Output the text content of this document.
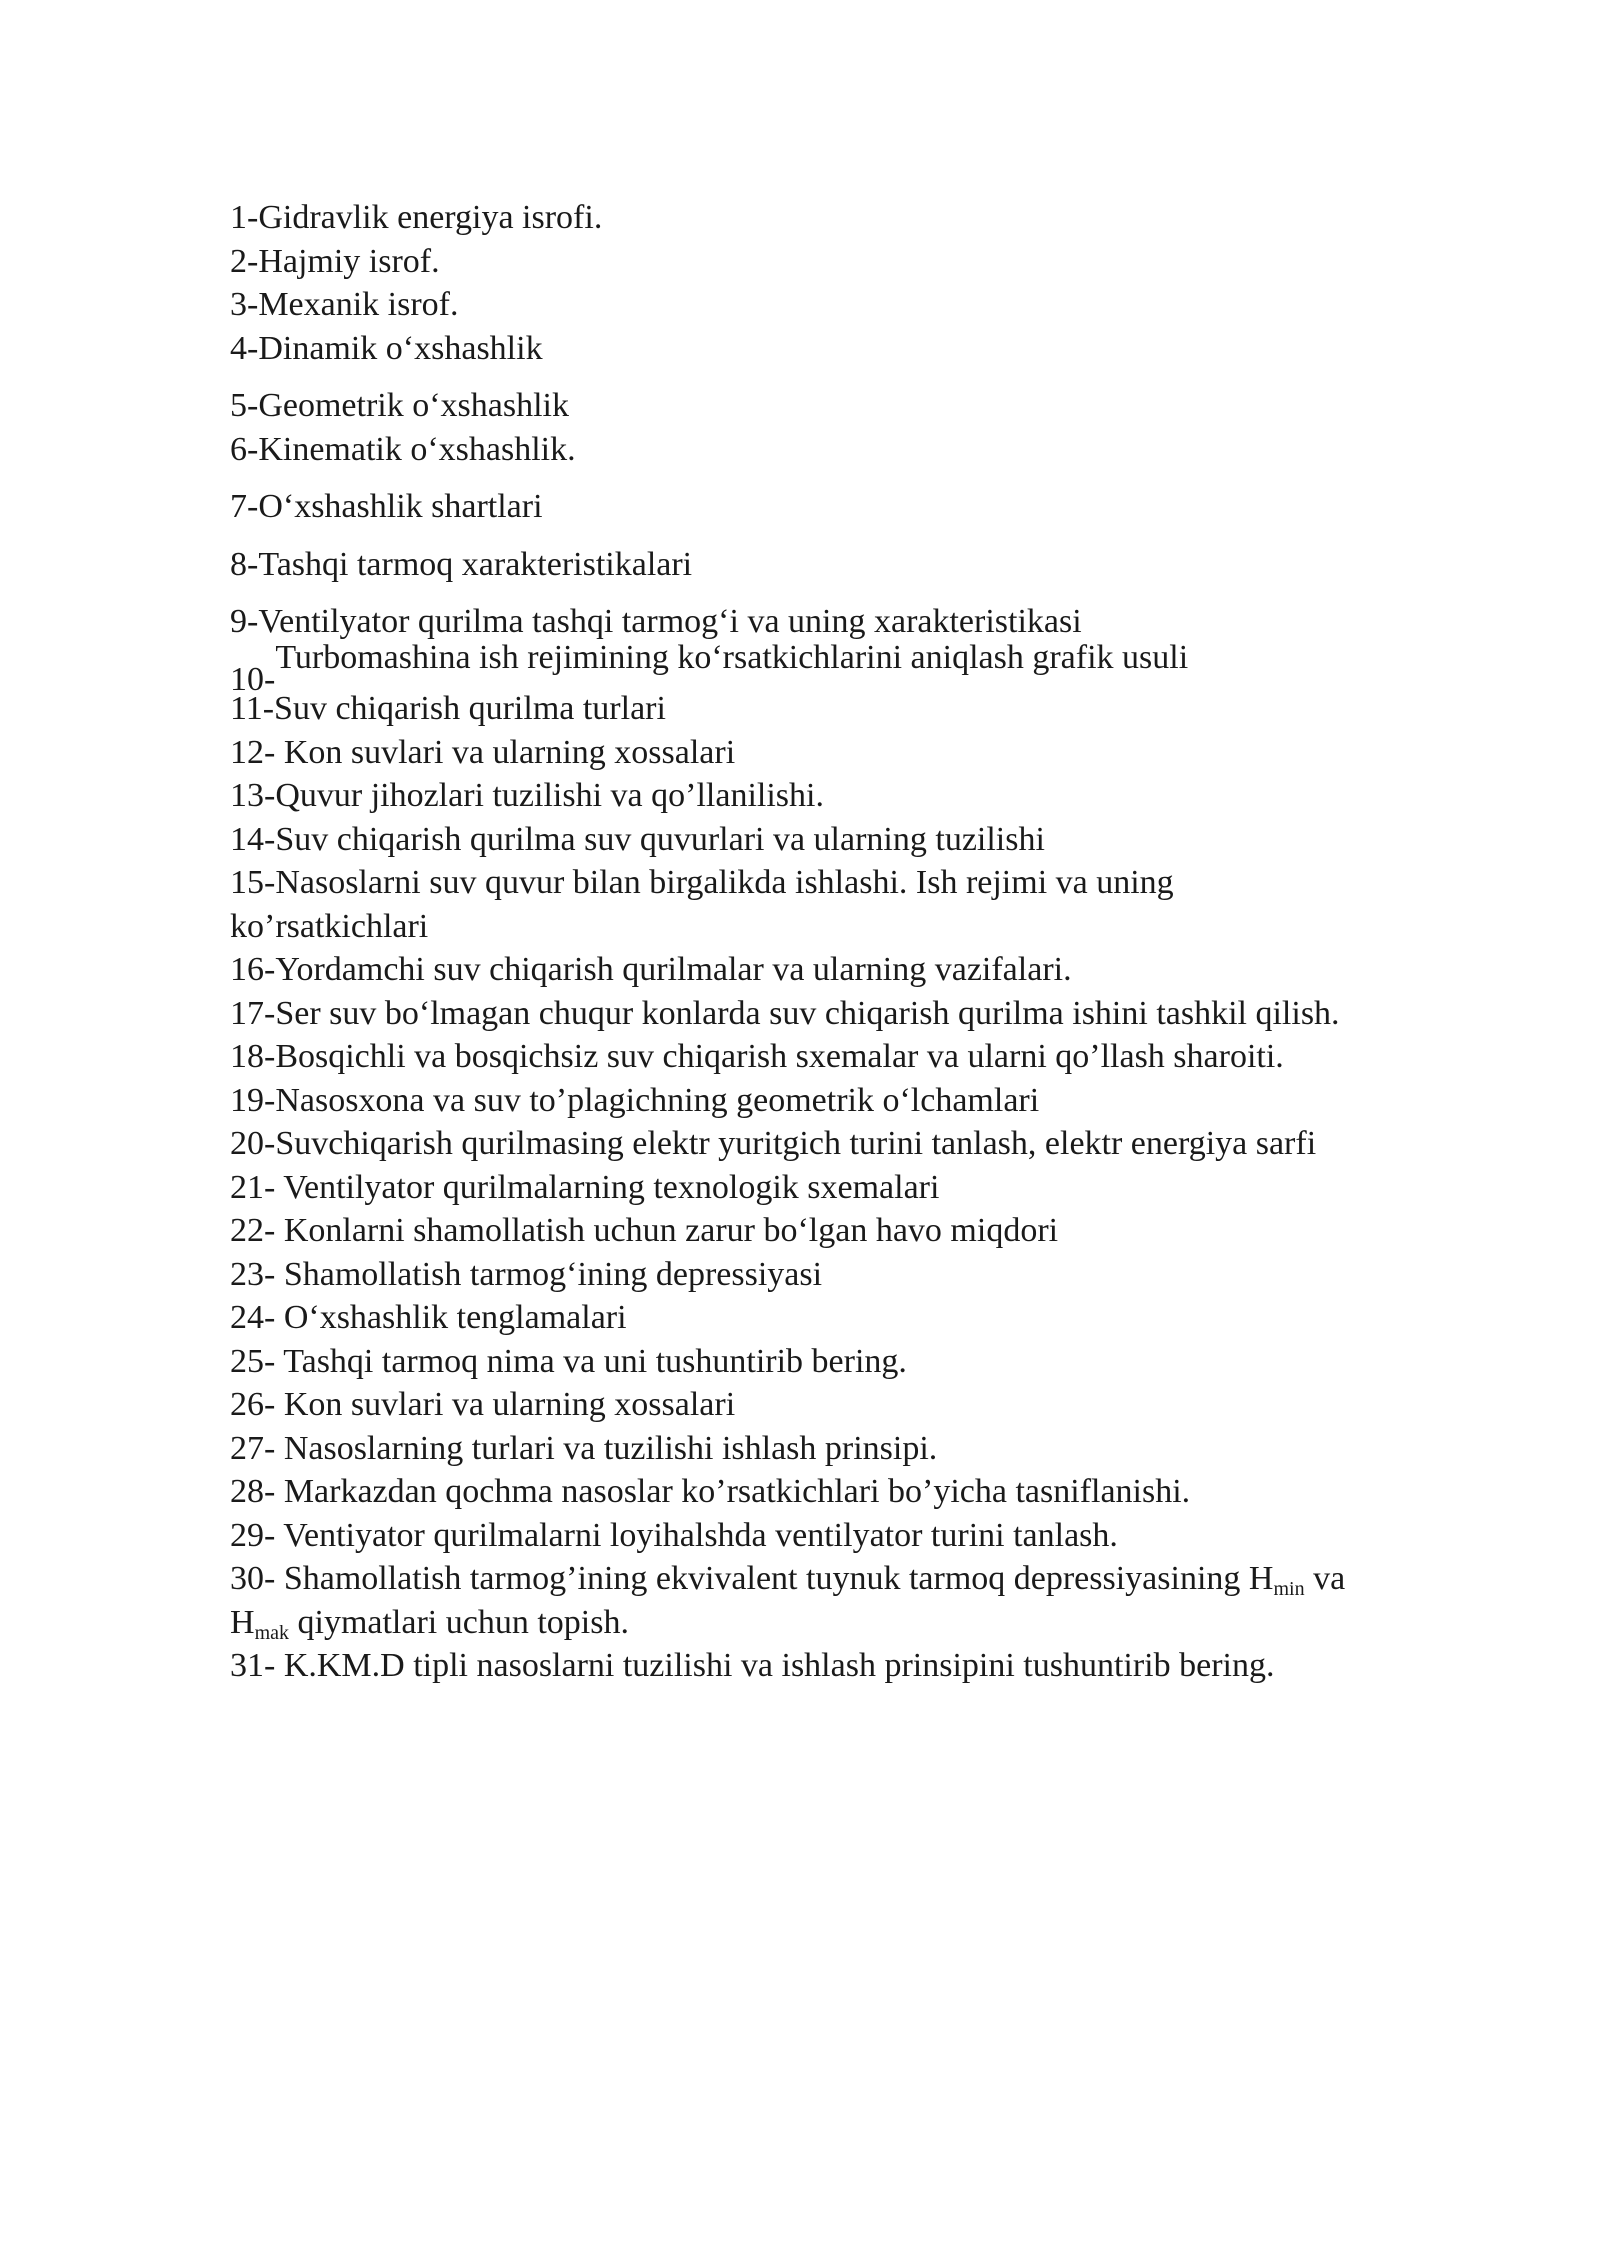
1-Gidravlik energiya isrofi.
2-Hajmiy isrof.
3-Mexanik isrof.
4-Dinamik o‘xshashlik
5-Geometrik o‘xshashlik
6-Kinematik o‘xshashlik.
7-O‘xshashlik shartlari
8-Tashqi tarmoq xarakteristikalari
9-Ventilyator qurilma tashqi tarmog‘i va uning xarakteristikasi
10-Turbomashina ish rejimining ko‘rsatkichlarini aniqlash grafik usuli
11-Suv chiqarish qurilma turlari
12- Kon suvlari va ularning xossalari
13-Quvur jihozlari tuzilishi va qo’llanilishi.
14-Suv chiqarish qurilma suv quvurlari va ularning tuzilishi
15-Nasoslarni suv quvur bilan birgalikda ishlashi. Ish rejimi va uning
ko’rsatkichlari
16-Yordamchi suv chiqarish qurilmalar va ularning vazifalari.
17-Ser suv bo‘lmagan chuqur konlarda suv chiqarish qurilma ishini tashkil qilish.
18-Bosqichli va bosqichsiz suv chiqarish sxemalar va ularni qo’llash sharoiti.
19-Nasosxona va suv to’plagichning geometrik o‘lchamlari
20-Suvchiqarish qurilmasing elektr yuritgich turini tanlash, elektr energiya sarfi
21- Ventilyator qurilmalarning texnologik sxemalari
22- Konlarni shamollatish uchun zarur bo‘lgan havo miqdori
23- Shamollatish tarmog‘ining depressiyasi
24- O‘xshashlik tenglamalari
25- Tashqi tarmoq nima va uni tushuntirib bering.
26- Kon suvlari va ularning xossalari
27- Nasoslarning turlari va tuzilishi ishlash prinsipi.
28- Markazdan qochma nasoslar ko’rsatkichlari bo’yicha tasniflanishi.
29- Ventiyator qurilmalarni loyihalshda ventilyator turini tanlash.
30- Shamollatish tarmog’ining ekvivalent tuynuk tarmoq depressiyasining $H_{min}$ va
$H_{mak}$ qiymatlari uchun topish.
31- K.KM.D tipli nasoslarni tuzilishi va ishlash prinsipini tushuntirib bering.
